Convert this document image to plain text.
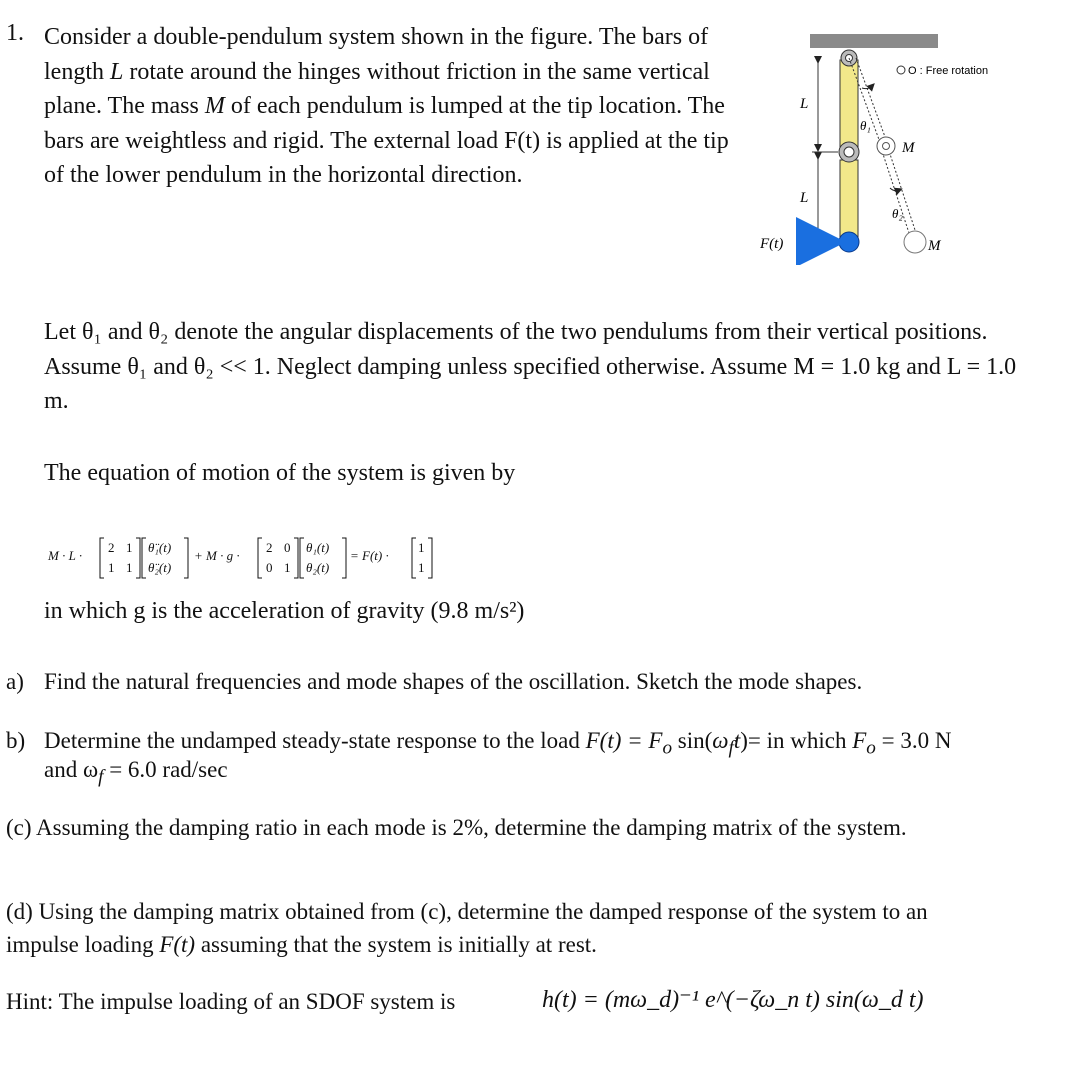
1. Consider a double-pendulum system shown in the figure. The bars of length L rotate around the hinges without friction in the same vertical plane. The mass M of each pendulum is lumped at the tip location. The bars are weightless and rigid. The external load F(t) is applied at the tip of the lower pendulum in the horizontal direction.

L
L
O : Free rotation
θ₁
θ₂
M
M
F(t)

Let θ₁ and θ₂ denote the angular displacements of the two pendulums from their vertical positions. Assume θ₁ and θ₂ << 1. Neglect damping unless specified otherwise. Assume M = 1.0 kg and L = 1.0 m.

The equation of motion of the system is given by

M · L ·
2 1
1 1
θ̈₁(t)
θ̈₂(t)
+ M · g ·
2 0
0 1
θ₁(t)
θ₂(t)
= F(t) ·
1
1

in which g is the acceleration of gravity (9.8 m/s²)

a) Find the natural frequencies and mode shapes of the oscillation. Sketch the mode shapes.
b) Determine the undamped steady-state response to the load $F(t) = F_o$ $\sin(\omega_ft)=$ in which $F_o = 3.0$ N
and $\omega_f = 6.0$ rad/sec
(c) Assuming the damping ratio in each mode is 2%, determine the damping matrix of the system.
(d) Using the damping matrix obtained from (c), determine the damped response of the system to an
impulse loading F(t) assuming that the system is initially at rest.
Hint: The impulse loading of an SDOF system is	h(t) = (mω_d)⁻¹ e^(−ζω_n t) sin(ω_d t)
